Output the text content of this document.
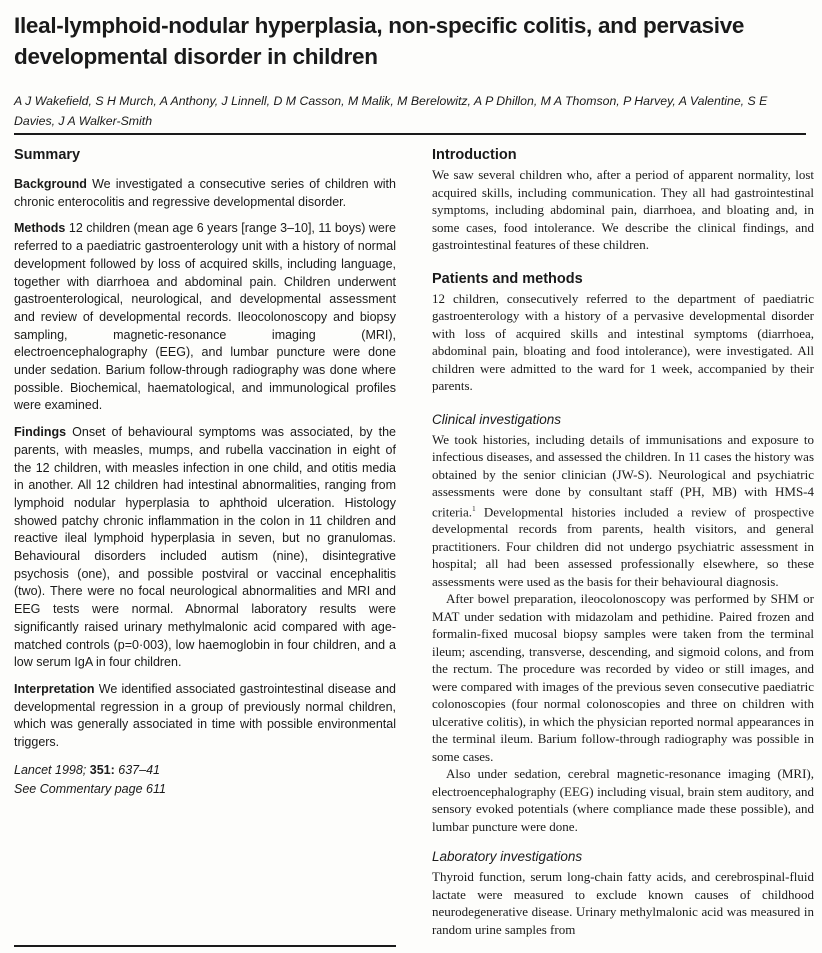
Ileal-lymphoid-nodular hyperplasia, non-specific colitis, and pervasive developmental disorder in children

A J Wakefield, S H Murch, A Anthony, J Linnell, D M Casson, M Malik, M Berelowitz, A P Dhillon, M A Thomson, P Harvey, A Valentine, S E Davies, J A Walker-Smith

Summary

Background We investigated a consecutive series of children with chronic enterocolitis and regressive developmental disorder.

Methods 12 children (mean age 6 years [range 3–10], 11 boys) were referred to a paediatric gastroenterology unit with a history of normal development followed by loss of acquired skills, including language, together with diarrhoea and abdominal pain. Children underwent gastroenterological, neurological, and developmental assessment and review of developmental records. Ileocolonoscopy and biopsy sampling, magnetic-resonance imaging (MRI), electroencephalography (EEG), and lumbar puncture were done under sedation. Barium follow-through radiography was done where possible. Biochemical, haematological, and immunological profiles were examined.

Findings Onset of behavioural symptoms was associated, by the parents, with measles, mumps, and rubella vaccination in eight of the 12 children, with measles infection in one child, and otitis media in another. All 12 children had intestinal abnormalities, ranging from lymphoid nodular hyperplasia to aphthoid ulceration. Histology showed patchy chronic inflammation in the colon in 11 children and reactive ileal lymphoid hyperplasia in seven, but no granulomas. Behavioural disorders included autism (nine), disintegrative psychosis (one), and possible postviral or vaccinal encephalitis (two). There were no focal neurological abnormalities and MRI and EEG tests were normal. Abnormal laboratory results were significantly raised urinary methylmalonic acid compared with age-matched controls (p=0·003), low haemoglobin in four children, and a low serum IgA in four children.

Interpretation We identified associated gastrointestinal disease and developmental regression in a group of previously normal children, which was generally associated in time with possible environmental triggers.

Lancet 1998; 351: 637–41
See Commentary page 611
Introduction

We saw several children who, after a period of apparent normality, lost acquired skills, including communication. They all had gastrointestinal symptoms, including abdominal pain, diarrhoea, and bloating and, in some cases, food intolerance. We describe the clinical findings, and gastrointestinal features of these children.

Patients and methods

12 children, consecutively referred to the department of paediatric gastroenterology with a history of a pervasive developmental disorder with loss of acquired skills and intestinal symptoms (diarrhoea, abdominal pain, bloating and food intolerance), were investigated. All children were admitted to the ward for 1 week, accompanied by their parents.

Clinical investigations

We took histories, including details of immunisations and exposure to infectious diseases, and assessed the children. In 11 cases the history was obtained by the senior clinician (JW-S). Neurological and psychiatric assessments were done by consultant staff (PH, MB) with HMS-4 criteria.$^1$ Developmental histories included a review of prospective developmental records from parents, health visitors, and general practitioners. Four children did not undergo psychiatric assessment in hospital; all had been assessed professionally elsewhere, so these assessments were used as the basis for their behavioural diagnosis.

After bowel preparation, ileocolonoscopy was performed by SHM or MAT under sedation with midazolam and pethidine. Paired frozen and formalin-fixed mucosal biopsy samples were taken from the terminal ileum; ascending, transverse, descending, and sigmoid colons, and from the rectum. The procedure was recorded by video or still images, and were compared with images of the previous seven consecutive paediatric colonoscopies (four normal colonoscopies and three on children with ulcerative colitis), in which the physician reported normal appearances in the terminal ileum. Barium follow-through radiography was possible in some cases.

Also under sedation, cerebral magnetic-resonance imaging (MRI), electroencephalography (EEG) including visual, brain stem auditory, and sensory evoked potentials (where compliance made these possible), and lumbar puncture were done.

Laboratory investigations

Thyroid function, serum long-chain fatty acids, and cerebrospinal-fluid lactate were measured to exclude known causes of childhood neurodegenerative disease. Urinary methylmalonic acid was measured in random urine samples from
